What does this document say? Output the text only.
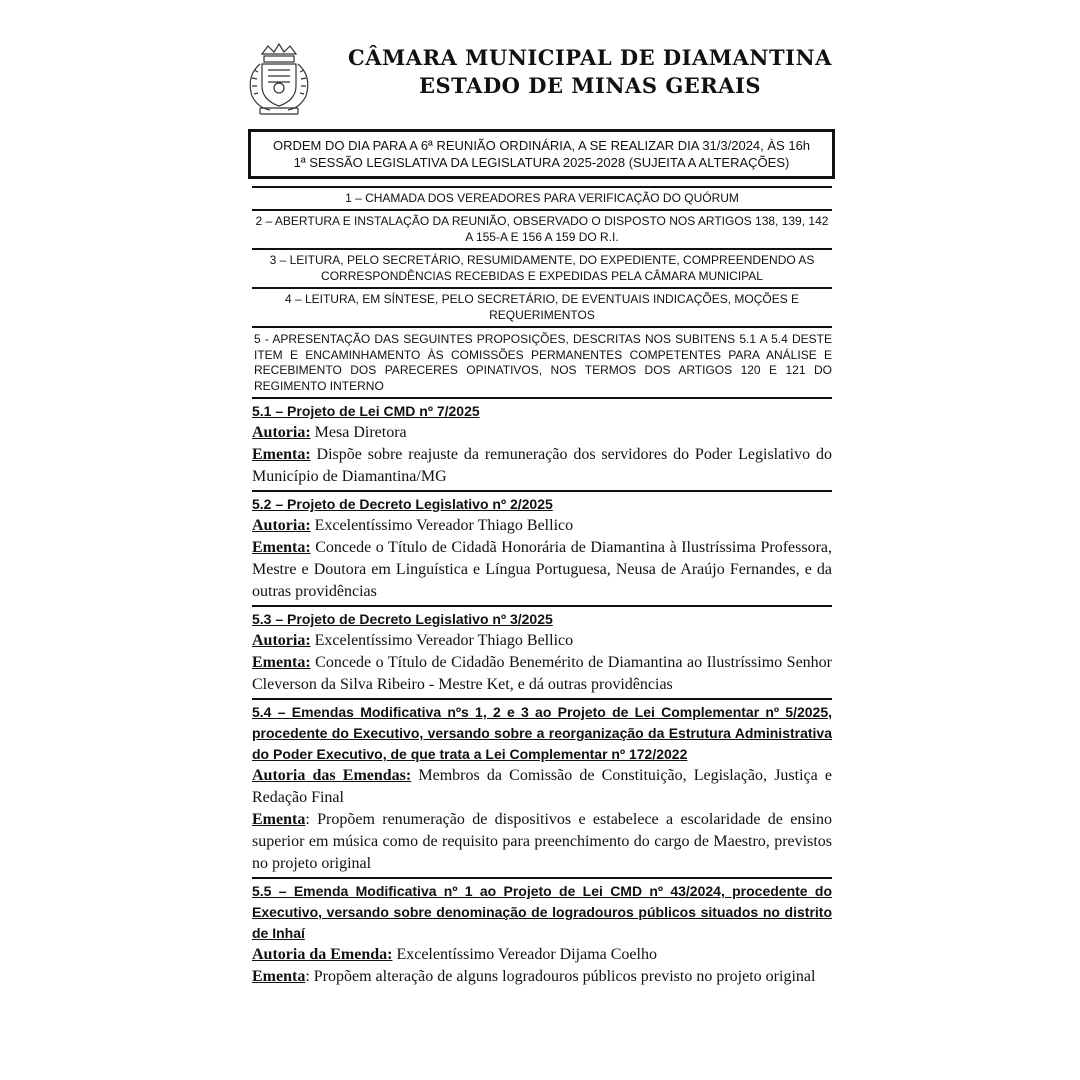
CÂMARA MUNICIPAL DE DIAMANTINA
ESTADO DE MINAS GERAIS
ORDEM DO DIA PARA A 6ª REUNIÃO ORDINÁRIA, A SE REALIZAR DIA 31/3/2024, ÀS 16h
1ª SESSÃO LEGISLATIVA DA LEGISLATURA 2025-2028 (SUJEITA A ALTERAÇÕES)
1 – CHAMADA DOS VEREADORES PARA VERIFICAÇÃO DO QUÓRUM
2 – ABERTURA E INSTALAÇÃO DA REUNIÃO, OBSERVADO O DISPOSTO NOS ARTIGOS 138, 139, 142 A 155-A E 156 A 159 DO R.I.
3 – LEITURA, PELO SECRETÁRIO, RESUMIDAMENTE, DO EXPEDIENTE, COMPREENDENDO AS CORRESPONDÊNCIAS RECEBIDAS E EXPEDIDAS PELA CÂMARA MUNICIPAL
4 – LEITURA, EM SÍNTESE, PELO SECRETÁRIO, DE EVENTUAIS INDICAÇÕES, MOÇÕES E REQUERIMENTOS
5 - APRESENTAÇÃO DAS SEGUINTES PROPOSIÇÕES, DESCRITAS NOS SUBITENS 5.1 A 5.4 DESTE ITEM E ENCAMINHAMENTO ÀS COMISSÕES PERMANENTES COMPETENTES PARA ANÁLISE E RECEBIMENTO DOS PARECERES OPINATIVOS, NOS TERMOS DOS ARTIGOS 120 E 121 DO REGIMENTO INTERNO
5.1 – Projeto de Lei CMD nº 7/2025
Autoria: Mesa Diretora
Ementa: Dispõe sobre reajuste da remuneração dos servidores do Poder Legislativo do Município de Diamantina/MG
5.2 – Projeto de Decreto Legislativo nº 2/2025
Autoria: Excelentíssimo Vereador Thiago Bellico
Ementa: Concede o Título de Cidadã Honorária de Diamantina à Ilustríssima Professora, Mestre e Doutora em Linguística e Língua Portuguesa, Neusa de Araújo Fernandes, e da outras providências
5.3 – Projeto de Decreto Legislativo nº 3/2025
Autoria: Excelentíssimo Vereador Thiago Bellico
Ementa: Concede o Título de Cidadão Benemérito de Diamantina ao Ilustríssimo Senhor Cleverson da Silva Ribeiro - Mestre Ket, e dá outras providências
5.4 – Emendas Modificativa nºs 1, 2 e 3 ao Projeto de Lei Complementar nº 5/2025, procedente do Executivo, versando sobre a reorganização da Estrutura Administrativa do Poder Executivo, de que trata a Lei Complementar nº 172/2022
Autoria das Emendas: Membros da Comissão de Constituição, Legislação, Justiça e Redação Final
Ementa: Propõem renumeração de dispositivos e estabelece a escolaridade de ensino superior em música como de requisito para preenchimento do cargo de Maestro, previstos no projeto original
5.5 – Emenda Modificativa nº 1 ao Projeto de Lei CMD nº 43/2024, procedente do Executivo, versando sobre denominação de logradouros públicos situados no distrito de Inhaí
Autoria da Emenda: Excelentíssimo Vereador Dijama Coelho
Ementa: Propõem alteração de alguns logradouros públicos previsto no projeto original
